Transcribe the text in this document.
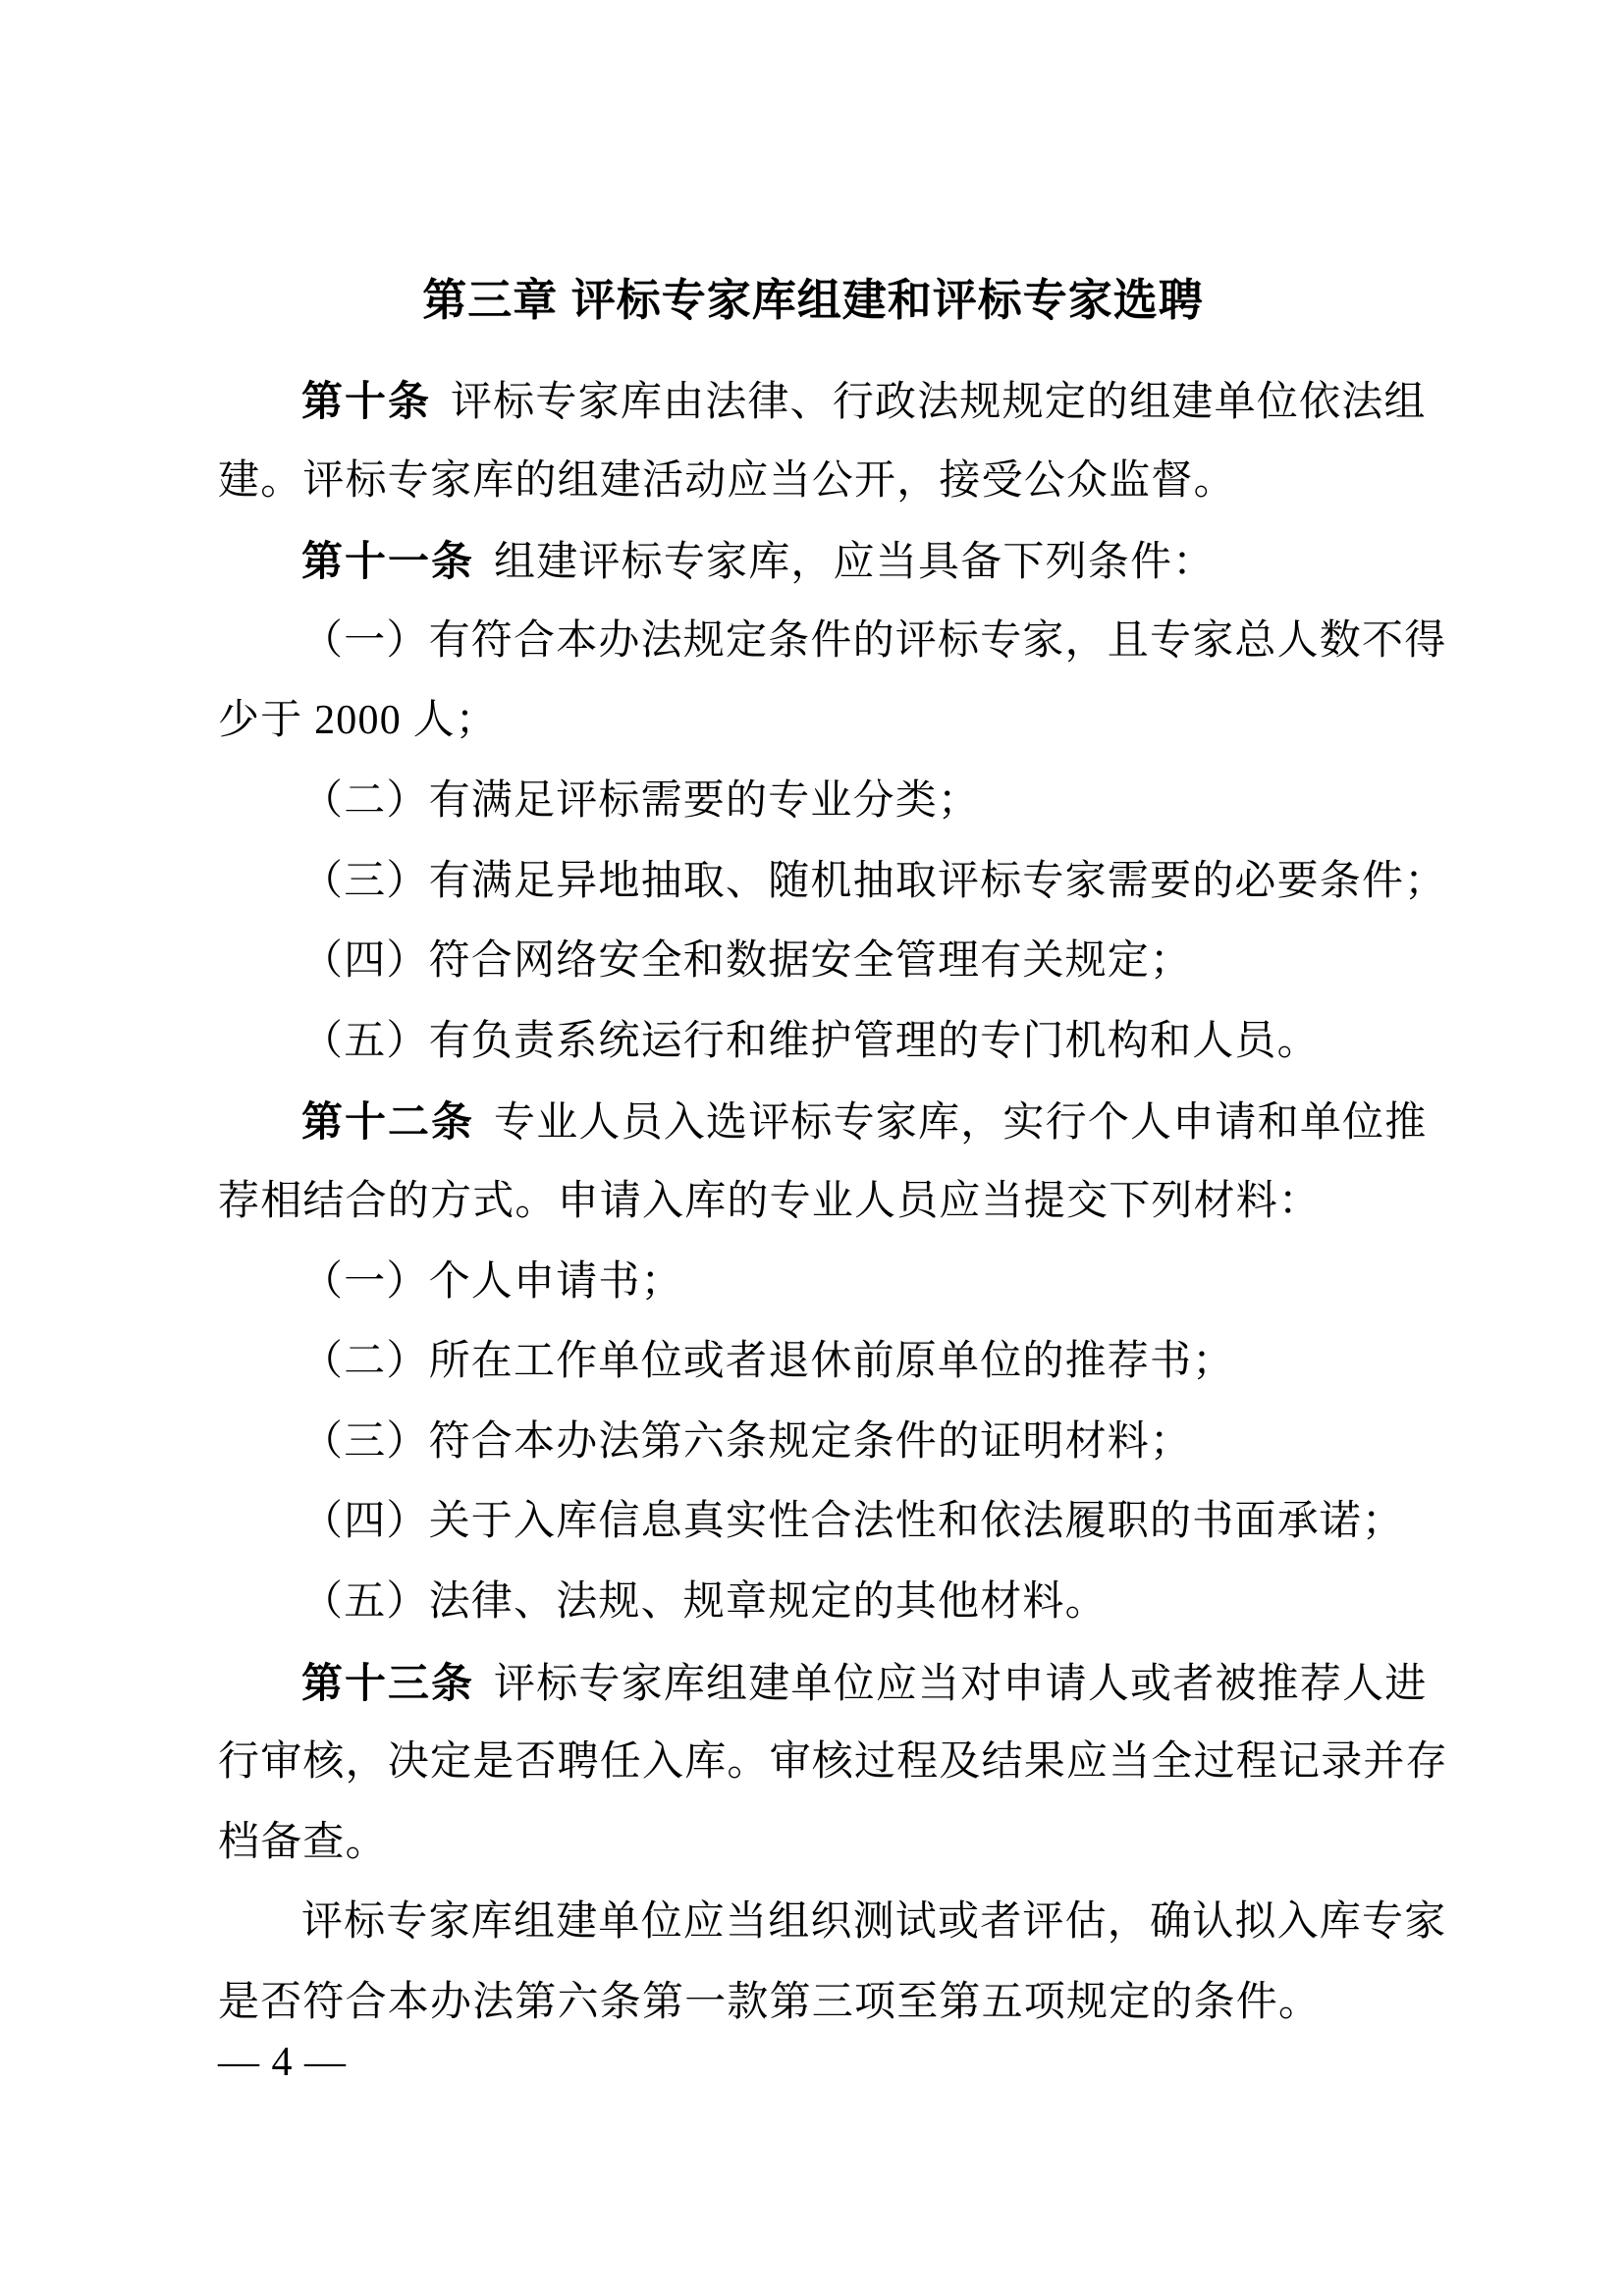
第三章 评标专家库组建和评标专家选聘
第十条 评标专家库由法律、行政法规规定的组建单位依法组
建。评标专家库的组建活动应当公开，接受公众监督。
第十一条 组建评标专家库，应当具备下列条件：
（一）有符合本办法规定条件的评标专家，且专家总人数不得
少于 2000 人；
（二）有满足评标需要的专业分类；
（三）有满足异地抽取、随机抽取评标专家需要的必要条件；
（四）符合网络安全和数据安全管理有关规定；
（五）有负责系统运行和维护管理的专门机构和人员。
第十二条 专业人员入选评标专家库，实行个人申请和单位推
荐相结合的方式。申请入库的专业人员应当提交下列材料：
（一）个人申请书；
（二）所在工作单位或者退休前原单位的推荐书；
（三）符合本办法第六条规定条件的证明材料；
（四）关于入库信息真实性合法性和依法履职的书面承诺；
（五）法律、法规、规章规定的其他材料。
第十三条 评标专家库组建单位应当对申请人或者被推荐人进
行审核，决定是否聘任入库。审核过程及结果应当全过程记录并存
档备查。
评标专家库组建单位应当组织测试或者评估，确认拟入库专家
是否符合本办法第六条第一款第三项至第五项规定的条件。
— 4 —
